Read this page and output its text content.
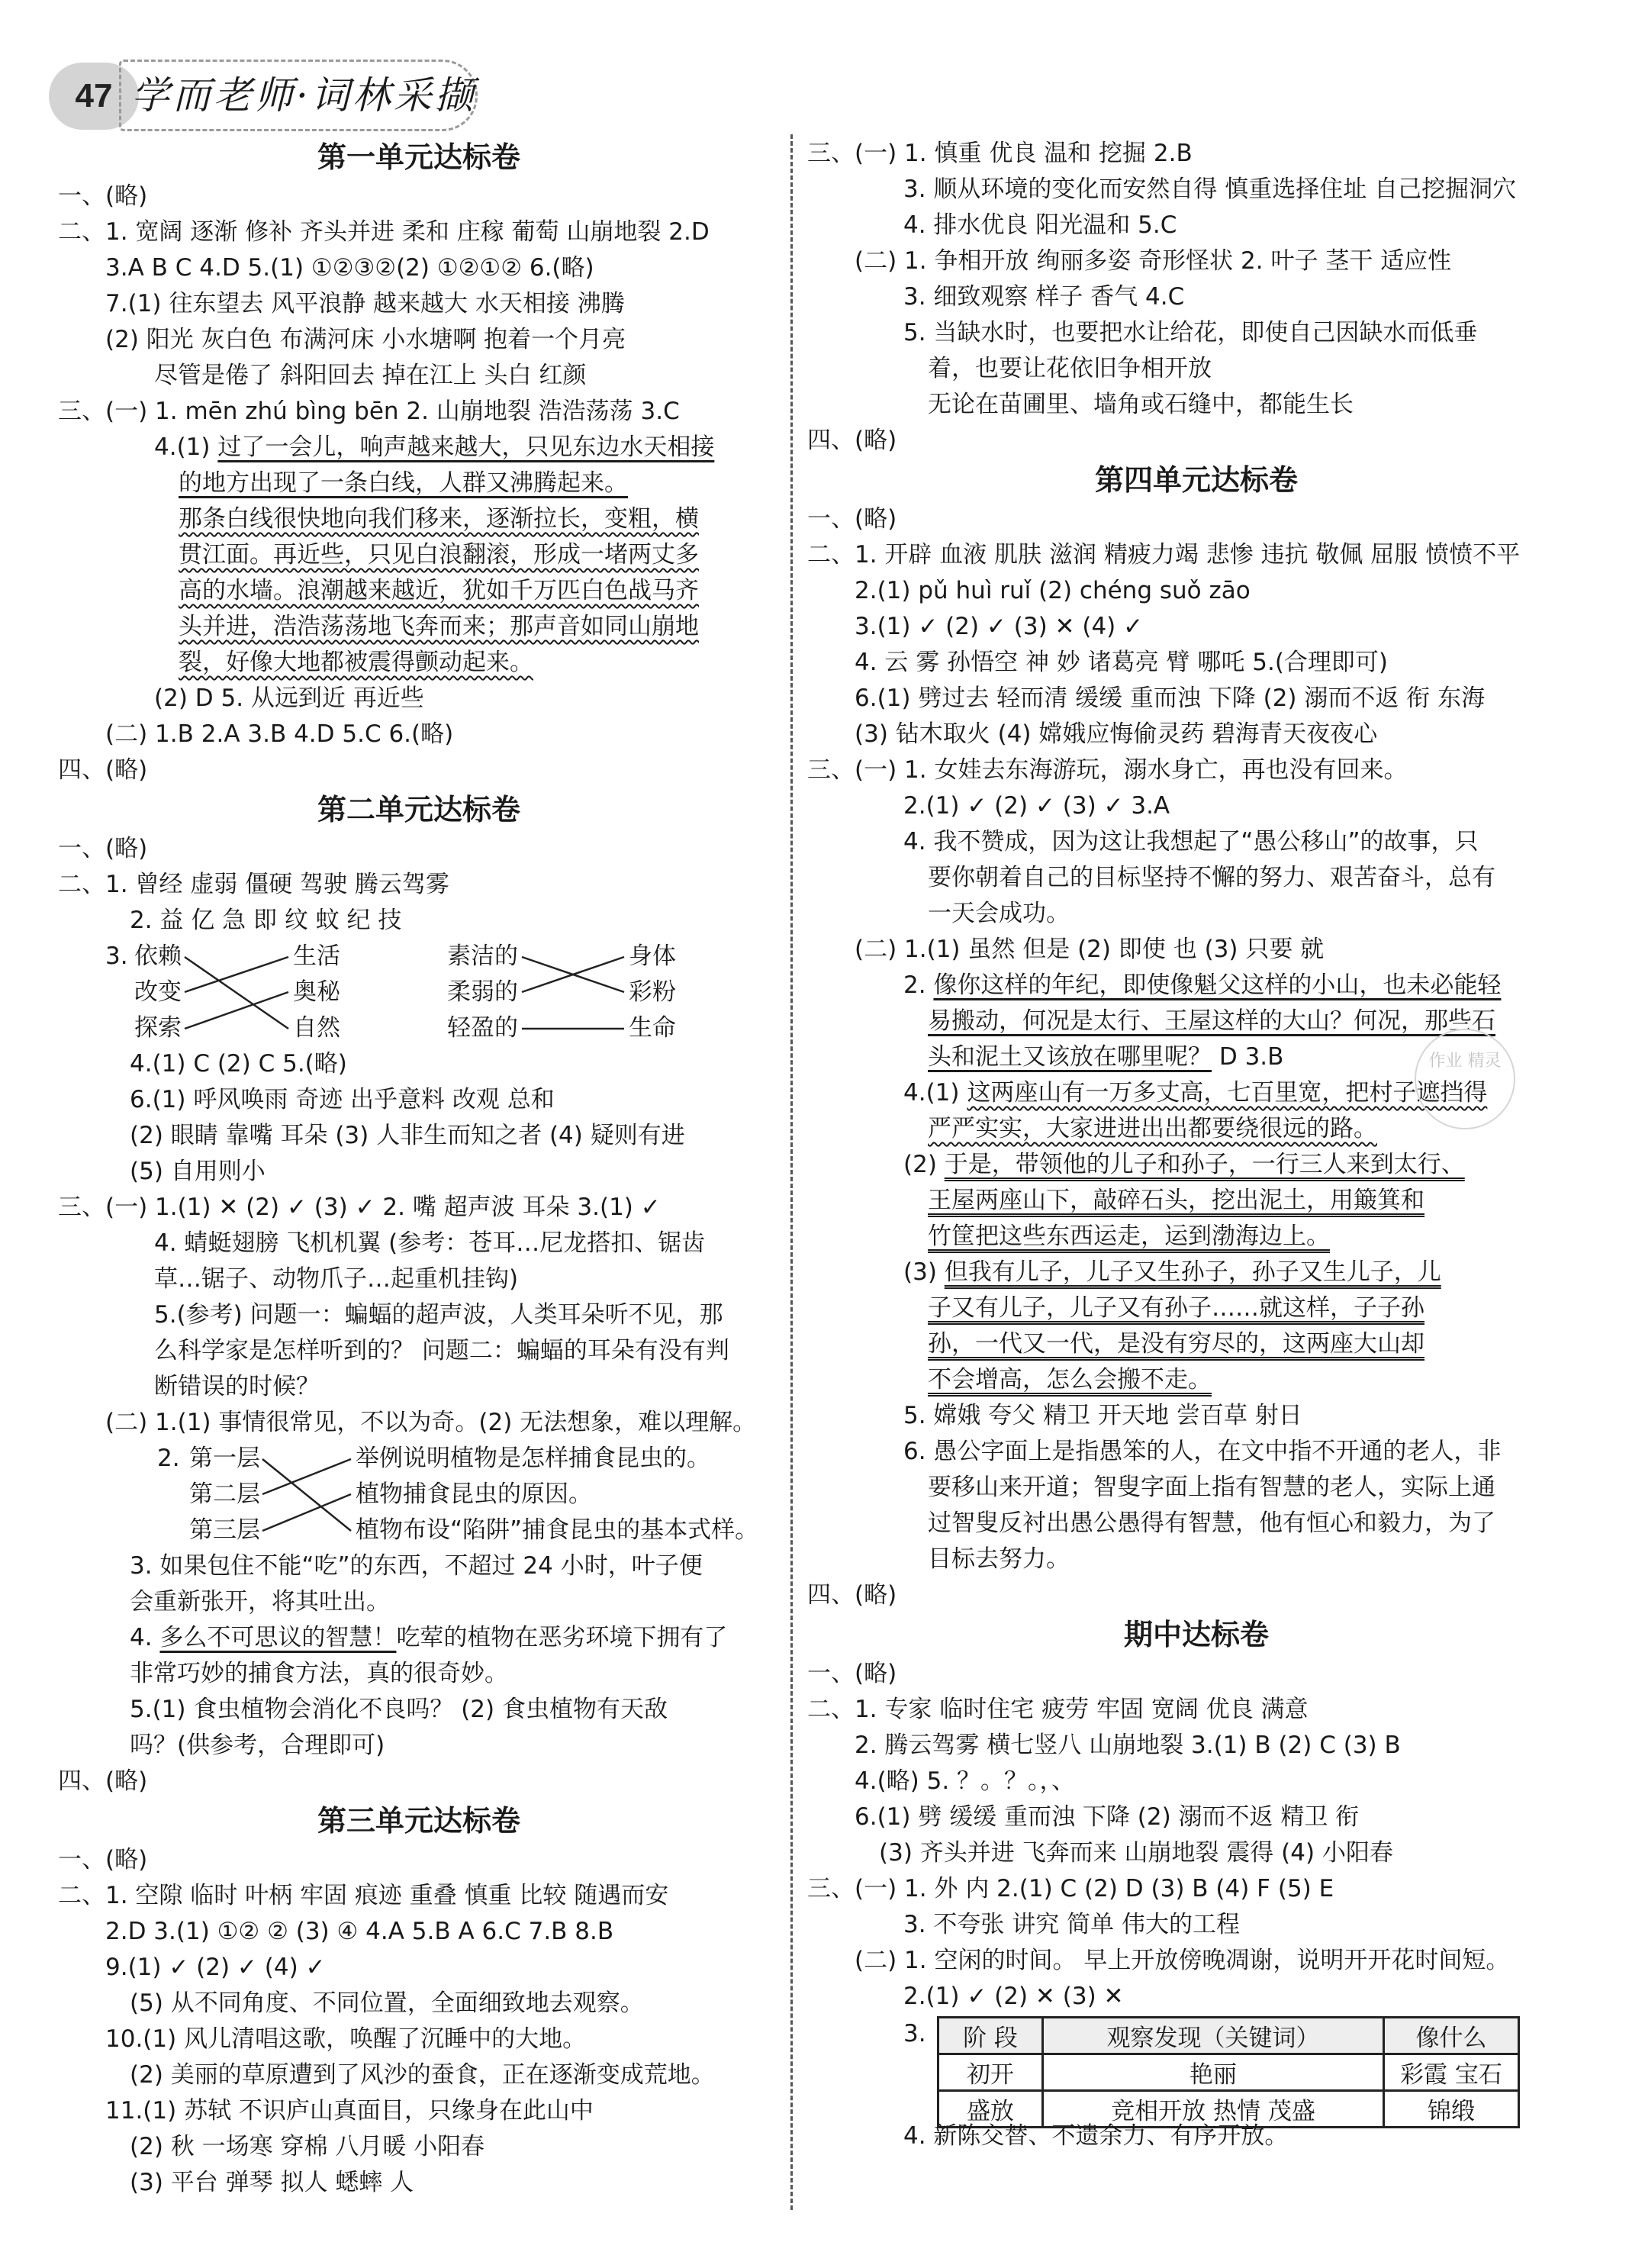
47 学而老师·词林采撷
第一单元达标卷
一、(略)
二、1. 宽阔 逐渐 修补 齐头并进 柔和 庄稼 葡萄 山崩地裂 2.D
3.A B C 4.D 5.(1) ①②③②(2) ①②①② 6.(略)
7.(1) 往东望去 风平浪静 越来越大 水天相接 沸腾
(2) 阳光 灰白色 布满河床 小水塘啊 抱着一个月亮
尽管是倦了 斜阳回去 掉在江上 头白 红颜
三、(一) 1. mēn zhú bìng bēn 2. 山崩地裂 浩浩荡荡 3.C
4.(1) 过了一会儿，响声越来越大，只见东边水天相接
的地方出现了一条白线，人群又沸腾起来。
那条白线很快地向我们移来，逐渐拉长，变粗，横
贯江面。再近些，只见白浪翻滚，形成一堵两丈多
高的水墙。浪潮越来越近，犹如千万匹白色战马齐
头并进，浩浩荡荡地飞奔而来；那声音如同山崩地
裂，好像大地都被震得颤动起来。
(2) D 5. 从远到近 再近些
(二) 1.B 2.A 3.B 4.D 5.C 6.(略)
四、(略)
第二单元达标卷
一、(略)
二、1. 曾经 虚弱 僵硬 驾驶 腾云驾雾
2. 益 亿 急 即 纹 蚊 纪 技
3. 依赖
改变
探索
生活
奥秘
自然
素洁的
柔弱的
轻盈的
身体
彩粉
生命
4.(1) C (2) C 5.(略)
6.(1) 呼风唤雨 奇迹 出乎意料 改观 总和
(2) 眼睛 靠嘴 耳朵 (3) 人非生而知之者 (4) 疑则有进
(5) 自用则小
三、(一) 1.(1) ✕ (2) ✓ (3) ✓ 2. 嘴 超声波 耳朵 3.(1) ✓
4. 蜻蜓翅膀 飞机机翼 (参考：苍耳…尼龙搭扣、锯齿
草…锯子、动物爪子…起重机挂钩)
5.(参考) 问题一：蝙蝠的超声波，人类耳朵听不见，那
么科学家是怎样听到的？ 问题二：蝙蝠的耳朵有没有判
断错误的时候？
(二) 1.(1) 事情很常见，不以为奇。(2) 无法想象，难以理解。
2. 第一层
第二层
第三层
举例说明植物是怎样捕食昆虫的。
植物捕食昆虫的原因。
植物布设“陷阱”捕食昆虫的基本式样。
3. 如果包住不能“吃”的东西，不超过 24 小时，叶子便
会重新张开，将其吐出。
4. 多么不可思议的智慧！吃荤的植物在恶劣环境下拥有了
非常巧妙的捕食方法，真的很奇妙。
5.(1) 食虫植物会消化不良吗？ (2) 食虫植物有天敌
吗？(供参考，合理即可)
四、(略)
第三单元达标卷
一、(略)
二、1. 空隙 临时 叶柄 牢固 痕迹 重叠 慎重 比较 随遇而安
2.D 3.(1) ①② ② (3) ④ 4.A 5.B A 6.C 7.B 8.B
9.(1) ✓ (2) ✓ (4) ✓
(5) 从不同角度、不同位置，全面细致地去观察。
10.(1) 风儿清唱这歌，唤醒了沉睡中的大地。
(2) 美丽的草原遭到了风沙的蚕食，正在逐渐变成荒地。
11.(1) 苏轼 不识庐山真面目，只缘身在此山中
(2) 秋 一场寒 穿棉 八月暖 小阳春
(3) 平台 弹琴 拟人 蟋蟀 人
三、(一) 1. 慎重 优良 温和 挖掘 2.B
3. 顺从环境的变化而安然自得 慎重选择住址 自己挖掘洞穴
4. 排水优良 阳光温和 5.C
(二) 1. 争相开放 绚丽多姿 奇形怪状 2. 叶子 茎干 适应性
3. 细致观察 样子 香气 4.C
5. 当缺水时，也要把水让给花，即使自己因缺水而低垂
着，也要让花依旧争相开放
无论在苗圃里、墙角或石缝中，都能生长
四、(略)
第四单元达标卷
一、(略)
二、1. 开辟 血液 肌肤 滋润 精疲力竭 悲惨 违抗 敬佩 屈服 愤愤不平
2.(1) pǔ huì ruǐ (2) chéng suǒ zāo
3.(1) ✓ (2) ✓ (3) ✕ (4) ✓
4. 云 雾 孙悟空 神 妙 诸葛亮 臂 哪吒 5.(合理即可)
6.(1) 劈过去 轻而清 缓缓 重而浊 下降 (2) 溺而不返 衔 东海
(3) 钻木取火 (4) 嫦娥应悔偷灵药 碧海青天夜夜心
三、(一) 1. 女娃去东海游玩，溺水身亡，再也没有回来。
2.(1) ✓ (2) ✓ (3) ✓ 3.A
4. 我不赞成，因为这让我想起了“愚公移山”的故事，只
要你朝着自己的目标坚持不懈的努力、艰苦奋斗，总有
一天会成功。
(二) 1.(1) 虽然 但是 (2) 即使 也 (3) 只要 就
2. 像你这样的年纪，即使像魁父这样的小山，也未必能轻
易搬动，何况是太行、王屋这样的大山？何况，那些石
头和泥土又该放在哪里呢？ D 3.B
4.(1) 这两座山有一万多丈高，七百里宽，把村子遮挡得
严严实实，大家进进出出都要绕很远的路。
(2) 于是，带领他的儿子和孙子，一行三人来到太行、
王屋两座山下，敲碎石头，挖出泥土，用簸箕和
竹筐把这些东西运走，运到渤海边上。
(3) 但我有儿子，儿子又生孙子，孙子又生儿子，儿
子又有儿子，儿子又有孙子……就这样，子子孙
孙，一代又一代，是没有穷尽的，这两座大山却
不会增高，怎么会搬不走。
5. 嫦娥 夸父 精卫 开天地 尝百草 射日
6. 愚公字面上是指愚笨的人，在文中指不开通的老人，非
要移山来开道；智叟字面上指有智慧的老人，实际上通
过智叟反衬出愚公愚得有智慧，他有恒心和毅力，为了
目标去努力。
四、(略)
期中达标卷
一、(略)
二、1. 专家 临时住宅 疲劳 牢固 宽阔 优良 满意
2. 腾云驾雾 横七竖八 山崩地裂 3.(1) B (2) C (3) B
4.(略) 5. ？。？。，、
6.(1) 劈 缓缓 重而浊 下降 (2) 溺而不返 精卫 衔
(3) 齐头并进 飞奔而来 山崩地裂 震得 (4) 小阳春
三、(一) 1. 外 内 2.(1) C (2) D (3) B (4) F (5) E
3. 不夸张 讲究 简单 伟大的工程
(二) 1. 空闲的时间。 早上开放傍晚凋谢，说明开开花时间短。
2.(1) ✓ (2) ✕ (3) ✕
3. 阶 段	观察发现（关键词）	像什么
初开	艳丽	彩霞 宝石
盛放	竞相开放 热情 茂盛	锦缎
4. 新陈交替、不遗余力、有序开放。
作业 精灵
